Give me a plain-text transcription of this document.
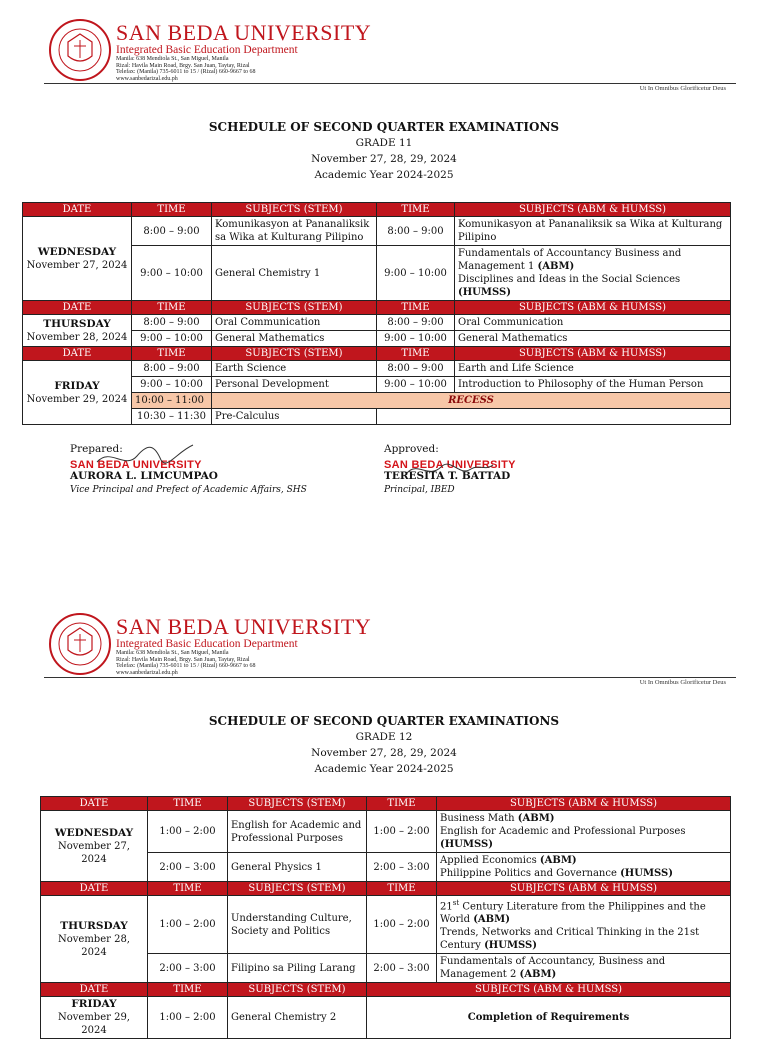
SAN BEDA UNIVERSITY
Integrated Basic Education Department
Manila: 638 Mendiola St., San Miguel, Manila
Rizal: Havila Main Road, Brgy. San Juan, Taytay, Rizal
Telefax: (Manila) 735-6011 to 15 / (Rizal) 660-9667 to 68
www.sanbedarizal.edu.ph
Ut In Omnibus Glorificetur Deus
SCHEDULE OF SECOND QUARTER EXAMINATIONS
GRADE 11
November 27, 28, 29, 2024
Academic Year 2024-2025
DATE	TIME	SUBJECTS (STEM)	TIME	SUBJECTS (ABM & HUMSS)
WEDNESDAY
November 27, 2024	8:00 – 9:00	Komunikasyon at Pananaliksik sa Wika at Kulturang Pilipino	8:00 – 9:00	Komunikasyon at Pananaliksik sa Wika at Kulturang Pilipino
	9:00 – 10:00	General Chemistry 1	9:00 – 10:00	Fundamentals of Accountancy Business and Management 1 (ABM)
Disciplines and Ideas in the Social Sciences (HUMSS)
DATE	TIME	SUBJECTS (STEM)	TIME	SUBJECTS (ABM & HUMSS)
THURSDAY
November 28, 2024	8:00 – 9:00	Oral Communication	8:00 – 9:00	Oral Communication
	9:00 – 10:00	General Mathematics	9:00 – 10:00	General Mathematics
DATE	TIME	SUBJECTS (STEM)	TIME	SUBJECTS (ABM & HUMSS)
FRIDAY
November 29, 2024	8:00 – 9:00	Earth Science	8:00 – 9:00	Earth and Life Science
	9:00 – 10:00	Personal Development	9:00 – 10:00	Introduction to Philosophy of the Human Person
	10:00 – 11:00	RECESS		
	10:30 – 11:30	Pre-Calculus		
Prepared:
SAN BEDA UNIVERSITY
AURORA L. LIMCUMPAO
Vice Principal and Prefect of Academic Affairs, SHS
Approved:
SAN BEDA UNIVERSITY
TERESITA T. BATTAD
Principal, IBED
SAN BEDA UNIVERSITY
Integrated Basic Education Department
Manila: 638 Mendiola St., San Miguel, Manila
Rizal: Havila Main Road, Brgy. San Juan, Taytay, Rizal
Telefax: (Manila) 735-6011 to 15 / (Rizal) 660-9667 to 68
www.sanbedarizal.edu.ph
Ut In Omnibus Glorificetur Deus
SCHEDULE OF SECOND QUARTER EXAMINATIONS
GRADE 12
November 27, 28, 29, 2024
Academic Year 2024-2025
DATE	TIME	SUBJECTS (STEM)	TIME	SUBJECTS (ABM & HUMSS)
WEDNESDAY
November 27, 2024	1:00 – 2:00	English for Academic and Professional Purposes	1:00 – 2:00	Business Math (ABM)
English for Academic and Professional Purposes (HUMSS)
	2:00 – 3:00	General Physics 1	2:00 – 3:00	Applied Economics (ABM)
Philippine Politics and Governance (HUMSS)
DATE	TIME	SUBJECTS (STEM)	TIME	SUBJECTS (ABM & HUMSS)
THURSDAY
November 28, 2024	1:00 – 2:00	Understanding Culture, Society and Politics	1:00 – 2:00	21st Century Literature from the Philippines and the World (ABM)
Trends, Networks and Critical Thinking in the 21st Century (HUMSS)
	2:00 – 3:00	Filipino sa Piling Larang	2:00 – 3:00	Fundamentals of Accountancy, Business and Management 2 (ABM)
DATE	TIME	SUBJECTS (STEM)	SUBJECTS (ABM & HUMSS)	
FRIDAY
November 29, 2024	1:00 – 2:00	General Chemistry 2	Completion of Requirements	
